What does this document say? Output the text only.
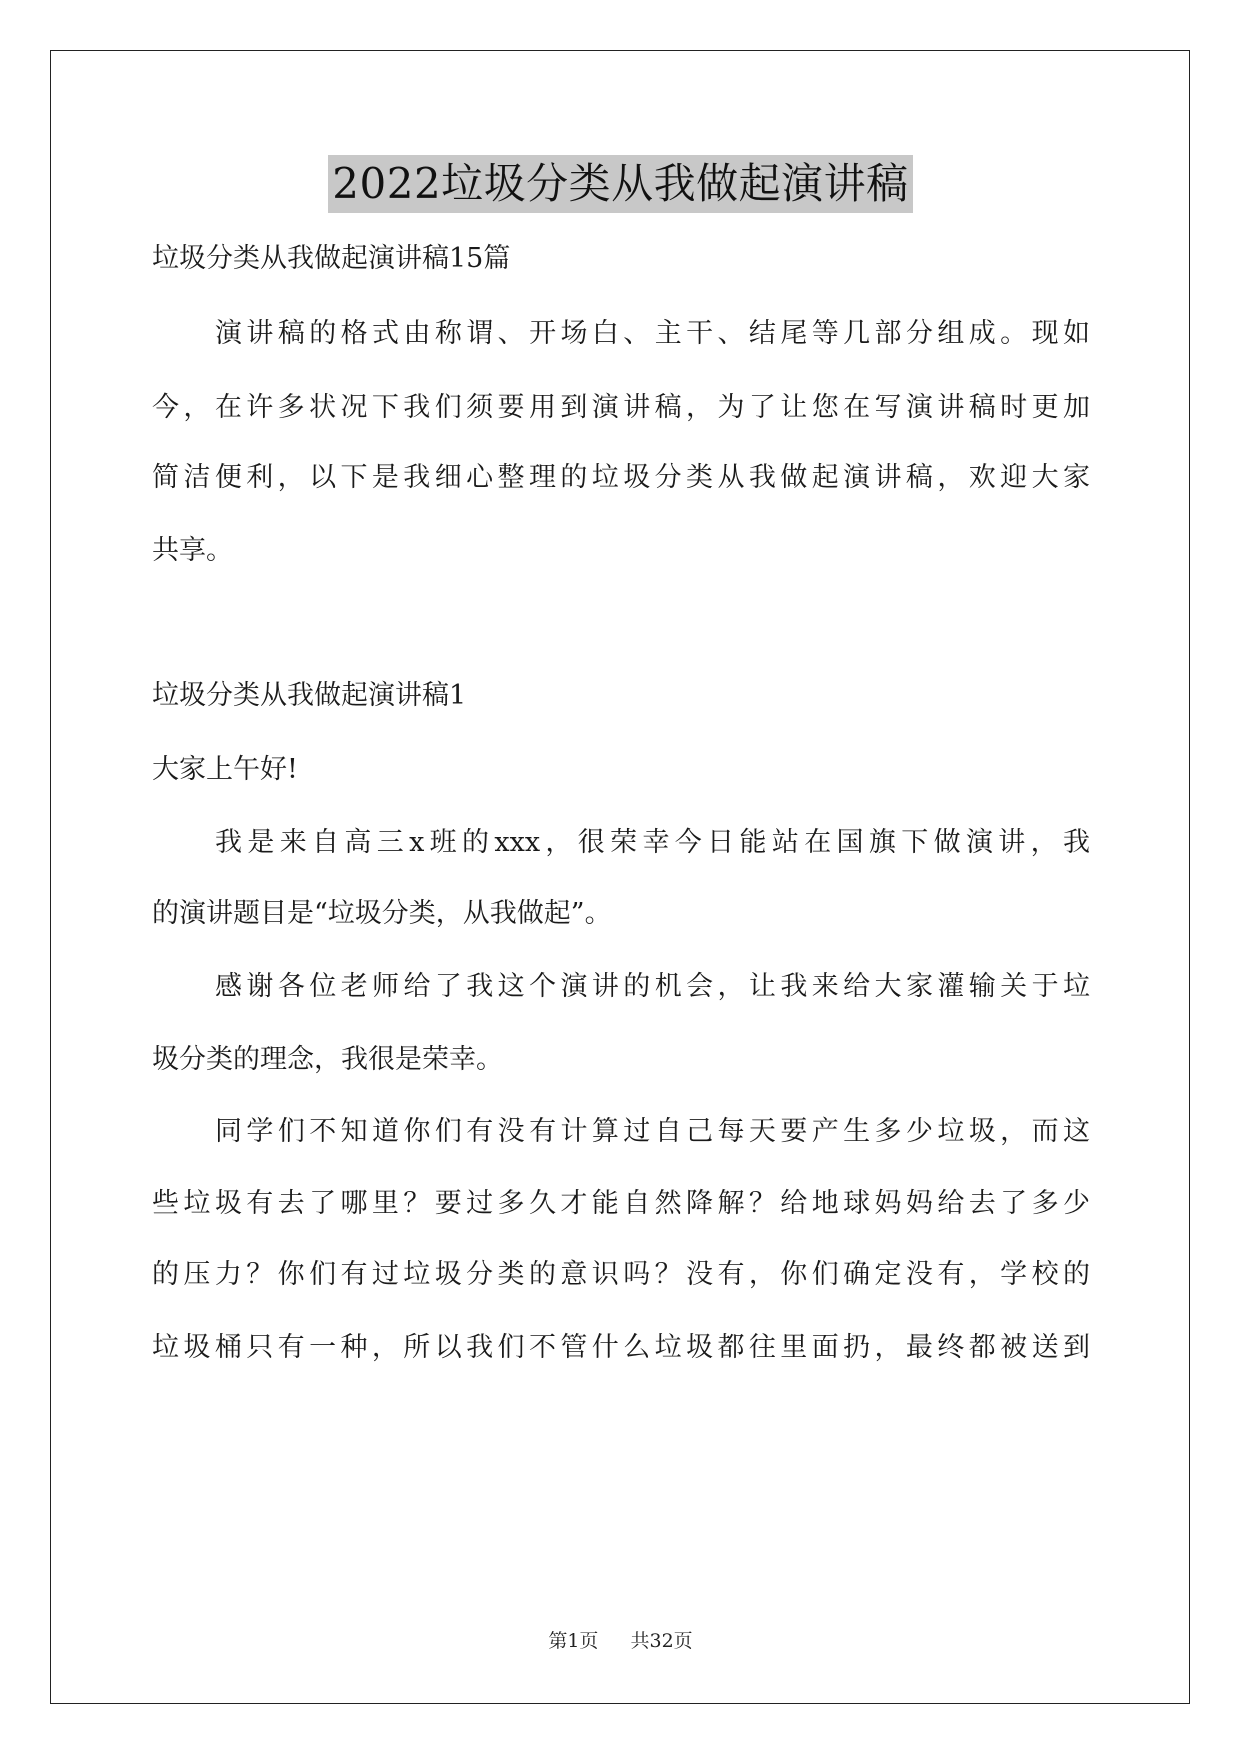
2022垃圾分类从我做起演讲稿
垃圾分类从我做起演讲稿15篇
演讲稿的格式由称谓、开场白、主干、结尾等几部分组成。现如
今，在许多状况下我们须要用到演讲稿，为了让您在写演讲稿时更加
简洁便利，以下是我细心整理的垃圾分类从我做起演讲稿，欢迎大家
共享。
垃圾分类从我做起演讲稿1
大家上午好!
我是来自高三x班的xxx，很荣幸今日能站在国旗下做演讲，我
的演讲题目是“垃圾分类，从我做起”。
感谢各位老师给了我这个演讲的机会，让我来给大家灌输关于垃
圾分类的理念，我很是荣幸。
同学们不知道你们有没有计算过自己每天要产生多少垃圾，而这
些垃圾有去了哪里？要过多久才能自然降解？给地球妈妈给去了多少
的压力？你们有过垃圾分类的意识吗？没有，你们确定没有，学校的
垃圾桶只有一种，所以我们不管什么垃圾都往里面扔，最终都被送到
第1页 共32页
